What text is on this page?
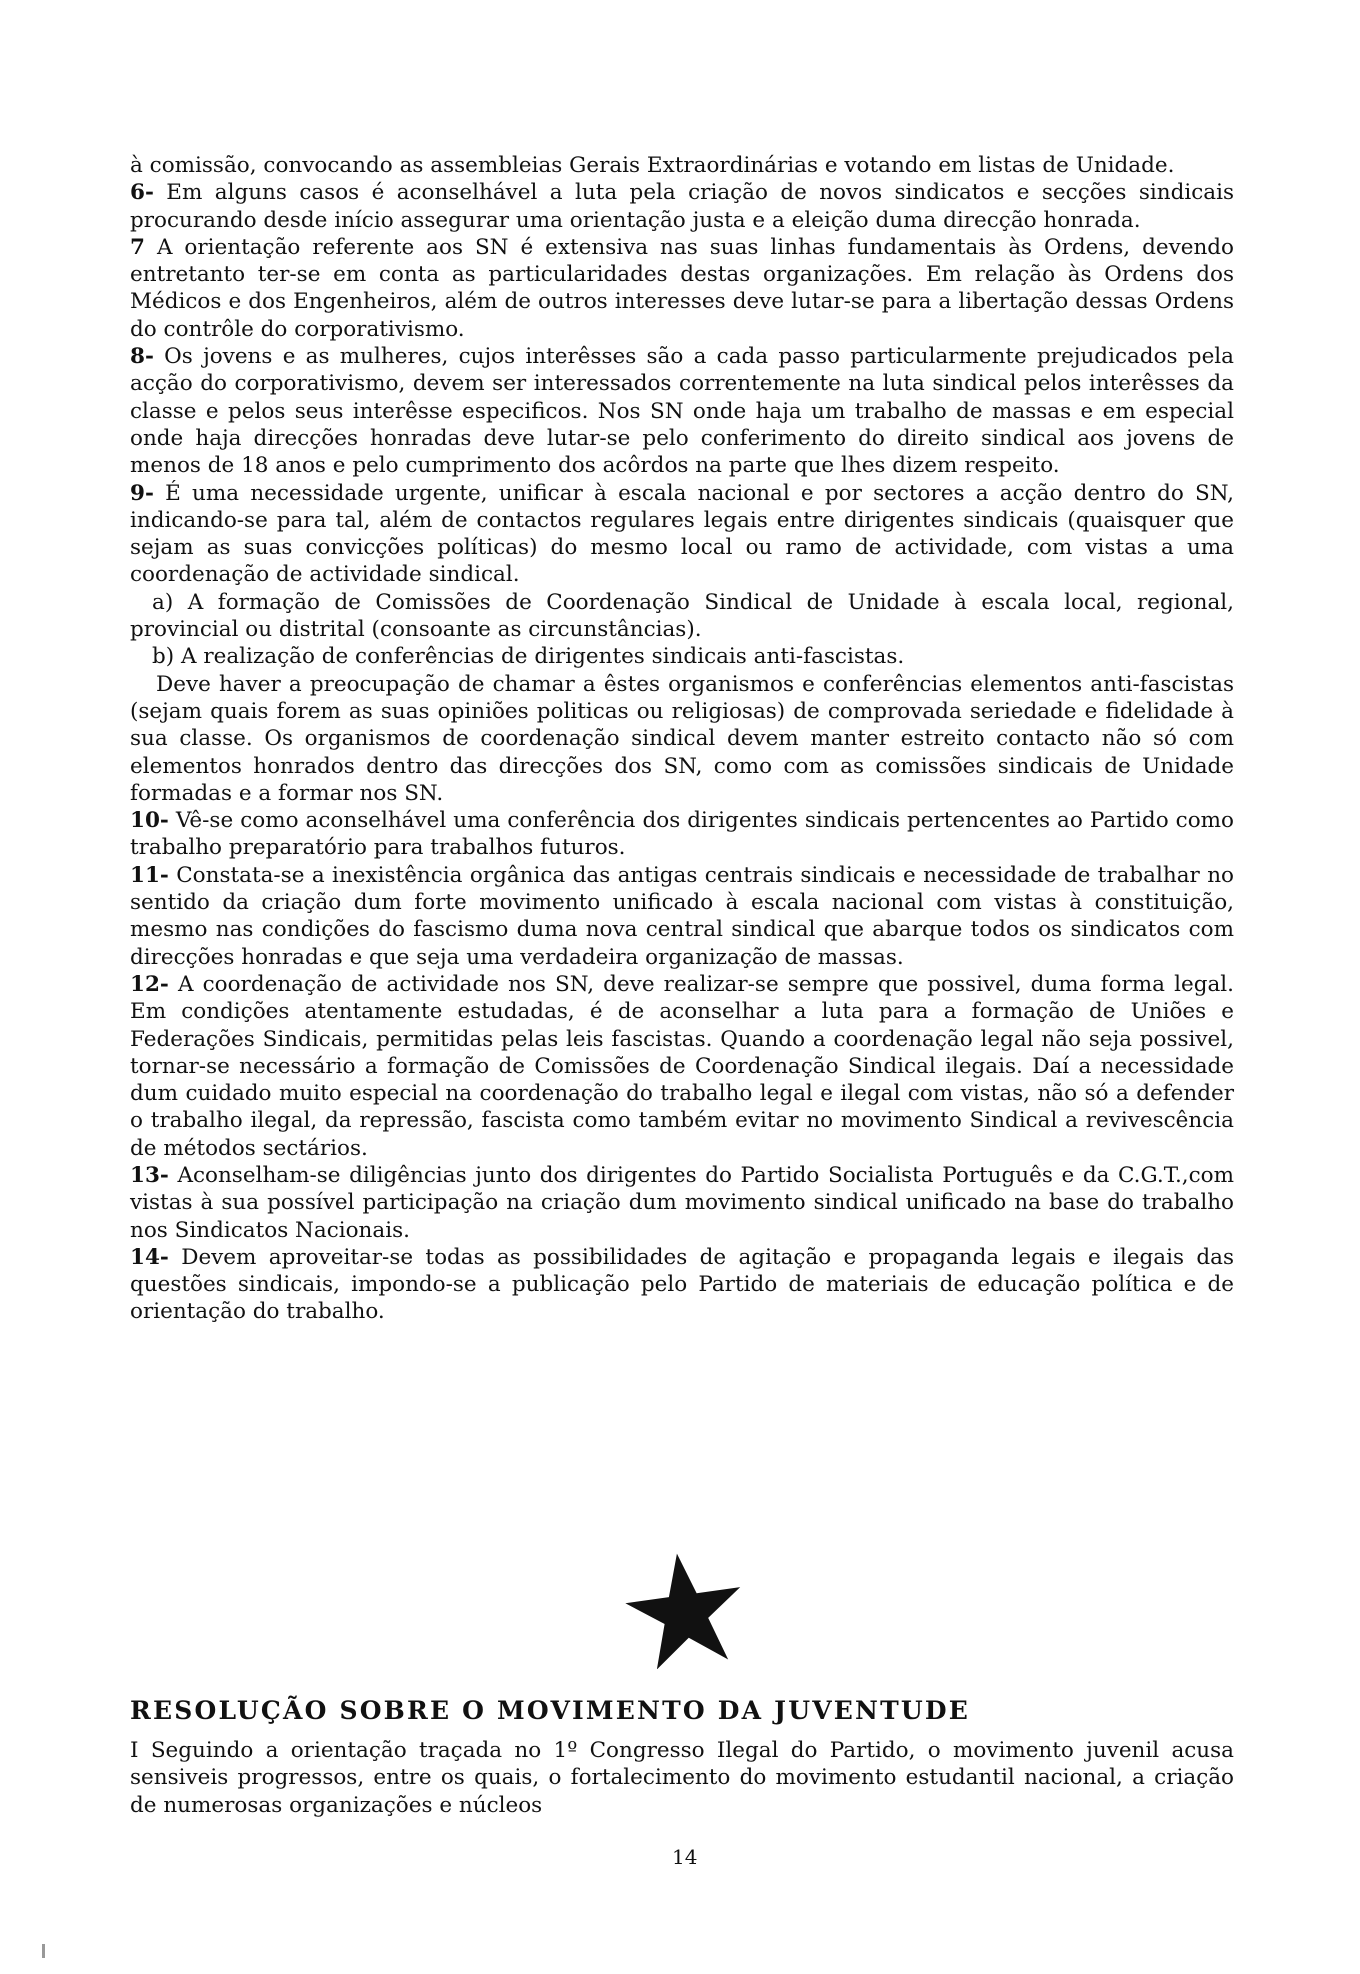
à comissão, convocando as assembleias Gerais Extraordinárias e votando em listas de Unidade.

6- Em alguns casos é aconselhável a luta pela criação de novos sindicatos e secções sindicais procurando desde início assegurar uma orientação justa e a eleição duma direcção honrada.

7 A orientação referente aos SN é extensiva nas suas linhas fundamentais às Ordens, devendo entretanto ter-se em conta as particularidades destas organizações. Em relação às Ordens dos Médicos e dos Engenheiros, além de outros interesses deve lutar-se para a libertação dessas Ordens do contrôle do corporativismo.

8- Os jovens e as mulheres, cujos interêsses são a cada passo particularmente prejudicados pela acção do corporativismo, devem ser interessados correntemente na luta sindical pelos interêsses da classe e pelos seus interêsse especificos. Nos SN onde haja um trabalho de massas e em especial onde haja direcções honradas deve lutar-se pelo conferimento do direito sindical aos jovens de menos de 18 anos e pelo cumprimento dos acôrdos na parte que lhes dizem respeito.

9- É uma necessidade urgente, unificar à escala nacional e por sectores a acção dentro do SN, indicando-se para tal, além de contactos regulares legais entre dirigentes sindicais (quaisquer que sejam as suas convicções políticas) do mesmo local ou ramo de actividade, com vistas a uma coordenação de actividade sindical.

a) A formação de Comissões de Coordenação Sindical de Unidade à escala local, regional, provincial ou distrital (consoante as circunstâncias).

b) A realização de conferências de dirigentes sindicais anti-fascistas.

Deve haver a preocupação de chamar a êstes organismos e conferências elementos anti-fascistas (sejam quais forem as suas opiniões politicas ou religiosas) de comprovada seriedade e fidelidade à sua classe. Os organismos de coordenação sindical devem manter estreito contacto não só com elementos honrados dentro das direcções dos SN, como com as comissões sindicais de Unidade formadas e a formar nos SN.

10- Vê-se como aconselhável uma conferência dos dirigentes sindicais pertencentes ao Partido como trabalho preparatório para trabalhos futuros.

11- Constata-se a inexistência orgânica das antigas centrais sindicais e necessidade de trabalhar no sentido da criação dum forte movimento unificado à escala nacional com vistas à constituição, mesmo nas condições do fascismo duma nova central sindical que abarque todos os sindicatos com direcções honradas e que seja uma verdadeira organização de massas.

12- A coordenação de actividade nos SN, deve realizar-se sempre que possivel, duma forma legal. Em condições atentamente estudadas, é de aconselhar a luta para a formação de Uniões e Federações Sindicais, permitidas pelas leis fascistas. Quando a coordenação legal não seja possivel, tornar-se necessário a formação de Comissões de Coordenação Sindical ilegais. Daí a necessidade dum cuidado muito especial na coordenação do trabalho legal e ilegal com vistas, não só a defender o trabalho ilegal, da repressão, fascista como também evitar no movimento Sindical a revivescência de métodos sectários.

13- Aconselham-se diligências junto dos dirigentes do Partido Socialista Português e da C.G.T.,com vistas à sua possível participação na criação dum movimento sindical unificado na base do trabalho nos Sindicatos Nacionais.

14- Devem aproveitar-se todas as possibilidades de agitação e propaganda legais e ilegais das questões sindicais, impondo-se a publicação pelo Partido de materiais de educação política e de orientação do trabalho.

RESOLUÇÃO SOBRE O MOVIMENTO DA JUVENTUDE

I Seguindo a orientação traçada no 1º Congresso Ilegal do Partido, o movimento juvenil acusa sensiveis progressos, entre os quais, o fortalecimento do movimento estudantil nacional, a criação de numerosas organizações e núcleos

14
